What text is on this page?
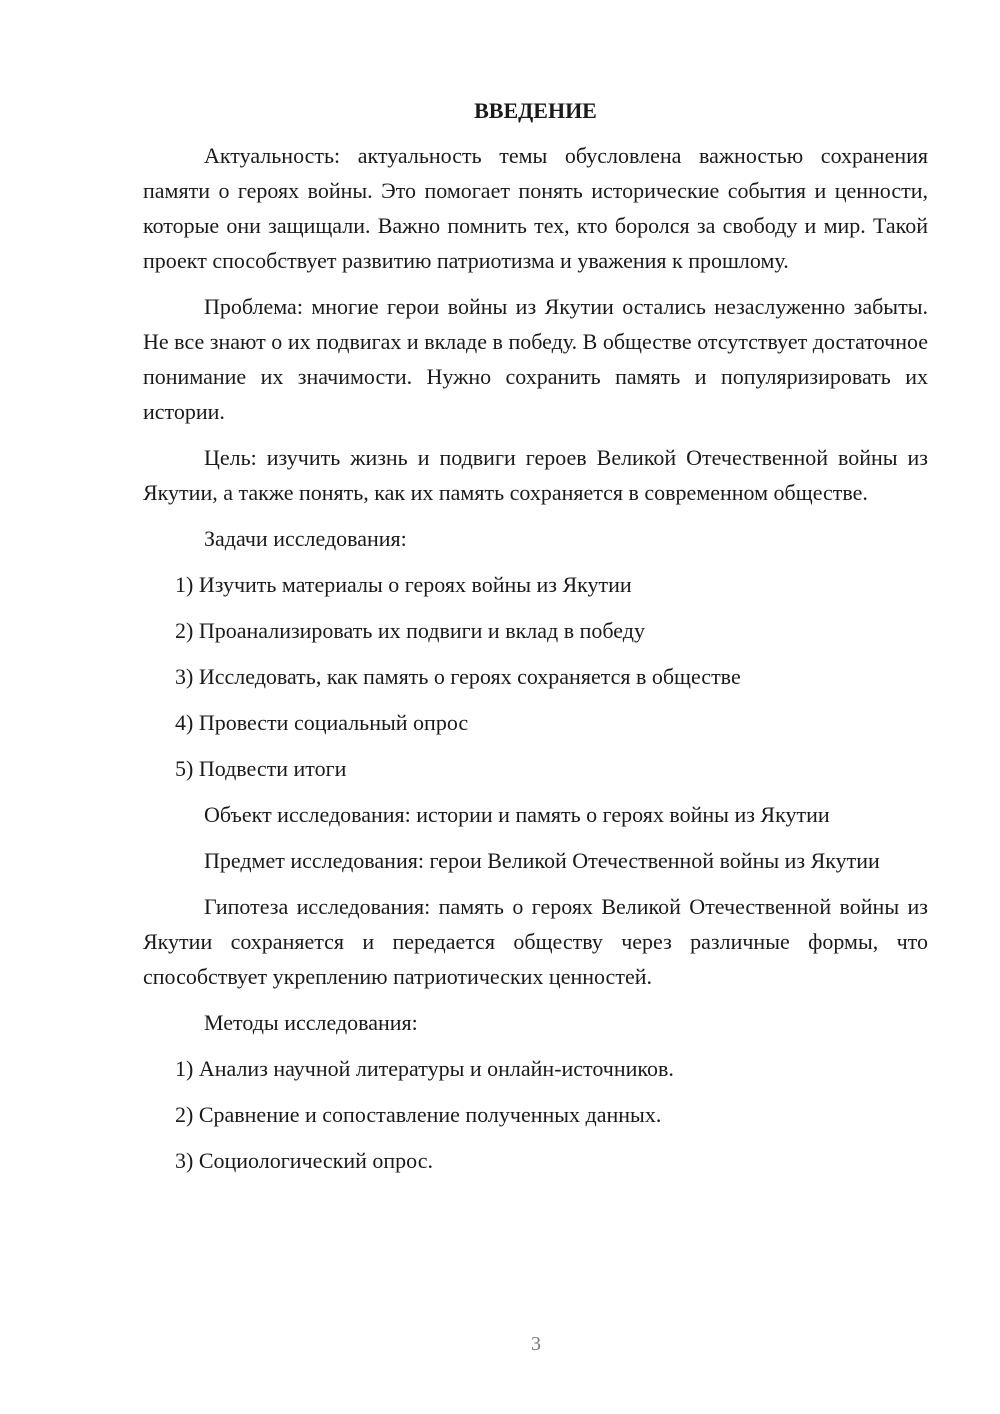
ВВЕДЕНИЕ
Актуальность: актуальность темы обусловлена важностью сохранения памяти о героях войны. Это помогает понять исторические события и ценности, которые они защищали. Важно помнить тех, кто боролся за свободу и мир. Такой проект способствует развитию патриотизма и уважения к прошлому.
Проблема: многие герои войны из Якутии остались незаслуженно забыты. Не все знают о их подвигах и вкладе в победу. В обществе отсутствует достаточное понимание их значимости. Нужно сохранить память и популяризировать их истории.
Цель: изучить жизнь и подвиги героев Великой Отечественной войны из Якутии, а также понять, как их память сохраняется в современном обществе.
Задачи исследования:
1) Изучить материалы о героях войны из Якутии
2) Проанализировать их подвиги и вклад в победу
3) Исследовать, как память о героях сохраняется в обществе
4) Провести социальный опрос
5) Подвести итоги
Объект исследования: истории и память о героях войны из Якутии
Предмет исследования: герои Великой Отечественной войны из Якутии
Гипотеза исследования: память о героях Великой Отечественной войны из Якутии сохраняется и передается обществу через различные формы, что способствует укреплению патриотических ценностей.
Методы исследования:
1) Анализ научной литературы и онлайн-источников.
2) Сравнение и сопоставление полученных данных.
3) Социологический опрос.
3
